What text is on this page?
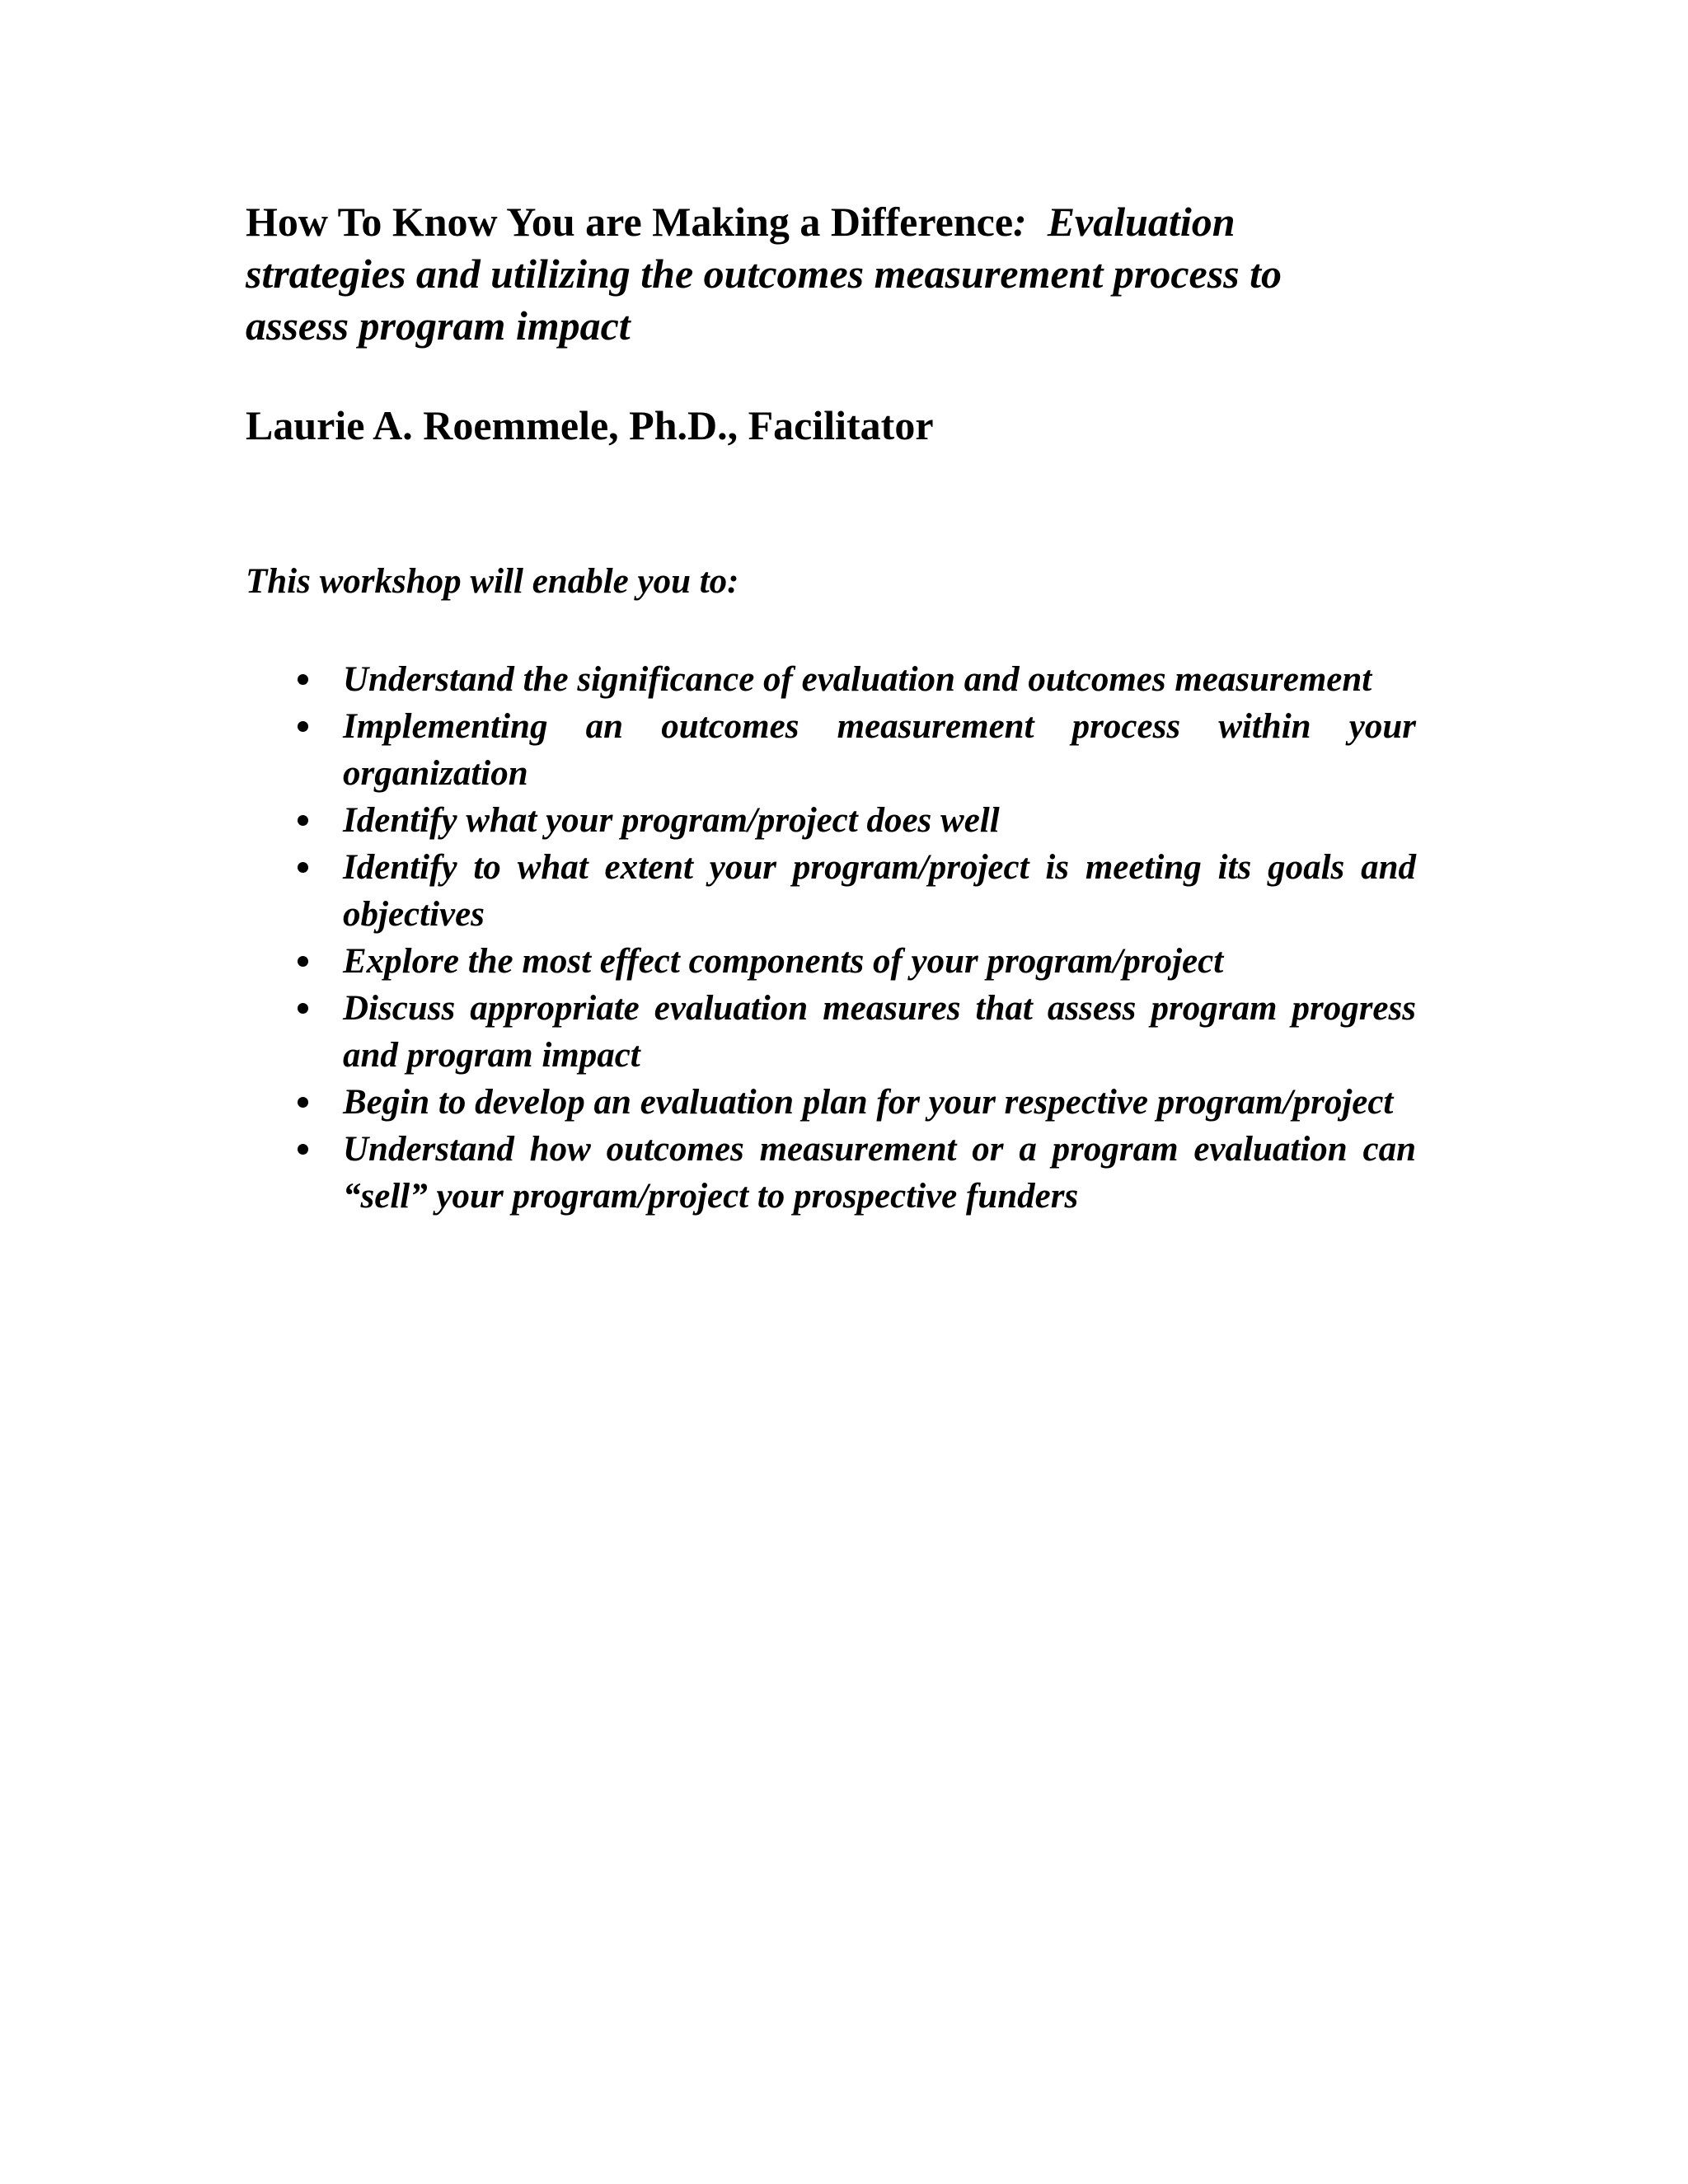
How To Know You are Making a Difference: Evaluation strategies and utilizing the outcomes measurement process to assess program impact

Laurie A. Roemmele, Ph.D., Facilitator

This workshop will enable you to:

Understand the significance of evaluation and outcomes measurement
Implementing an outcomes measurement process within your organization
Identify what your program/project does well
Identify to what extent your program/project is meeting its goals and objectives
Explore the most effect components of your program/project
Discuss appropriate evaluation measures that assess program progress and program impact
Begin to develop an evaluation plan for your respective program/project
Understand how outcomes measurement or a program evaluation can “sell” your program/project to prospective funders
